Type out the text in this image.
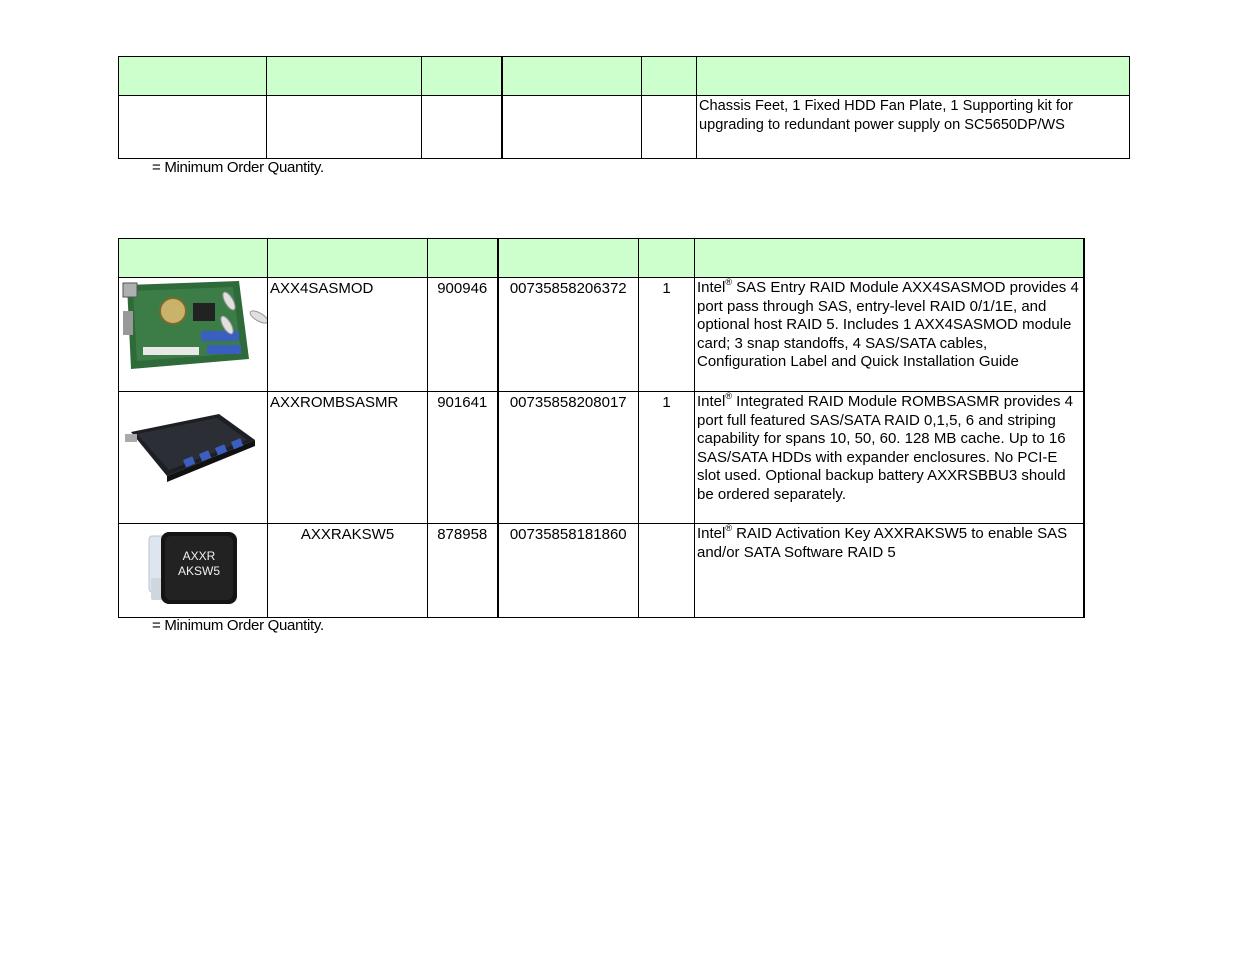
					Chassis Feet, 1 Fixed HDD Fan Plate, 1 Supporting kit for upgrading to redundant power supply on SC5650DP/WS
= Minimum Order Quantity.

	AXX4SASMOD	900946	00735858206372	1	Intel® SAS Entry RAID Module AXX4SASMOD provides 4 port pass through SAS, entry-level RAID 0/1/1E, and optional host RAID 5. Includes 1 AXX4SASMOD module card; 3 snap standoffs, 4 SAS/SATA cables, Configuration Label and Quick Installation Guide

	AXXROMBSASMR	901641	00735858208017	1	Intel® Integrated RAID Module ROMBSASMR provides 4 port full featured SAS/SATA RAID 0,1,5, 6 and striping capability for spans 10, 50, 60. 128 MB cache. Up to 16 SAS/SATA HDDs with expander enclosures. No PCI-E slot used. Optional backup battery AXXRSBBU3 should be ordered separately.

AXXR
AKSW5	AXXRAKSW5	878958	00735858181860		Intel® RAID Activation Key AXXRAKSW5 to enable SAS and/or SATA Software RAID 5
= Minimum Order Quantity.
